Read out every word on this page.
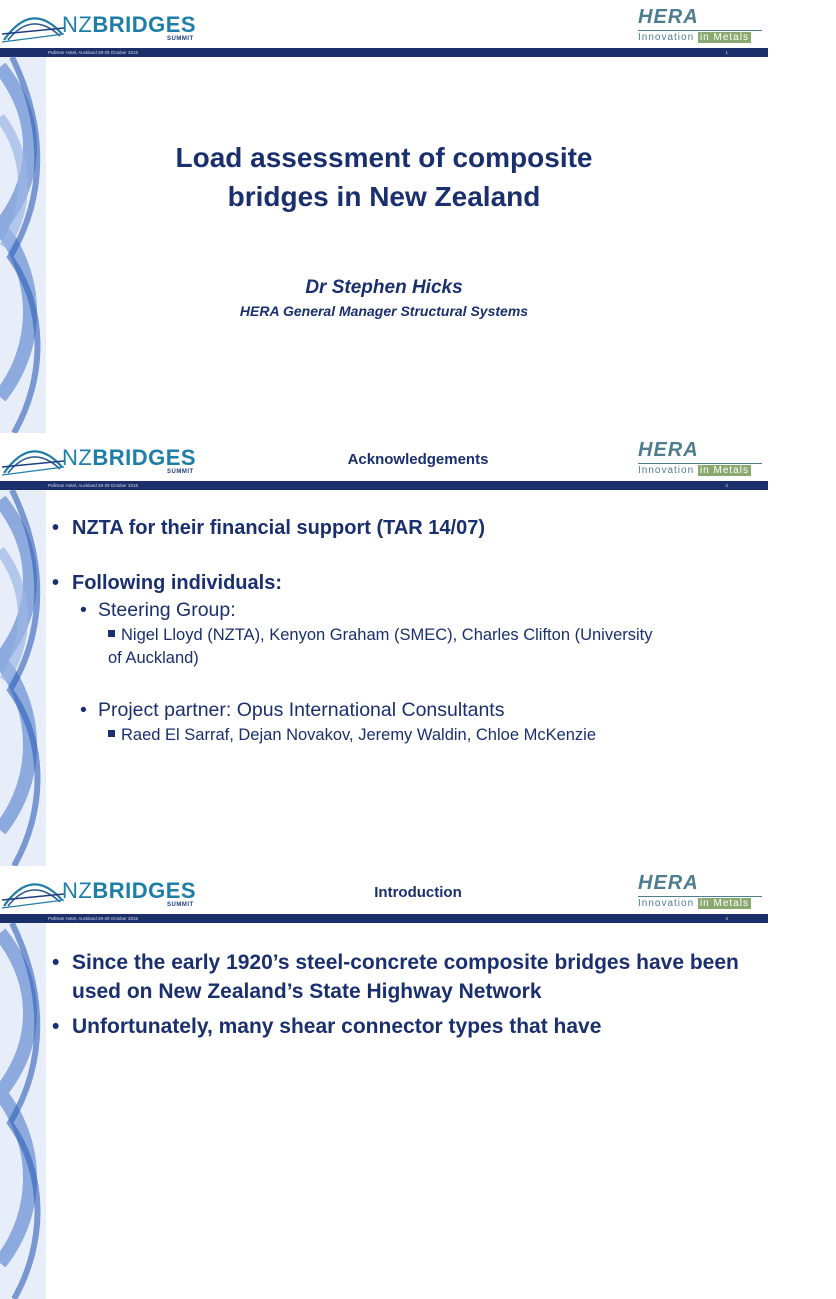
NZBRIDGES
SUMMIT
HERA
Innovation in Metals
Pullman Hotel, Auckland 28-29 October 2015	1
Load assessment of composite
bridges in New Zealand
Dr Stephen Hicks
HERA General Manager Structural Systems
NZBRIDGES
SUMMIT
Acknowledgements	HERA
Innovation in Metals
Pullman Hotel, Auckland 28-29 October 2015	2
• NZTA for their financial support (TAR 14/07)
• Following individuals:
• Steering Group:
Nigel Lloyd (NZTA), Kenyon Graham (SMEC), Charles Clifton (University of Auckland)
• Project partner: Opus International Consultants
Raed El Sarraf, Dejan Novakov, Jeremy Waldin, Chloe McKenzie
NZBRIDGES
SUMMIT
Introduction	HERA
Innovation in Metals
Pullman Hotel, Auckland 28-29 October 2015	3
• Since the early 1920’s steel-concrete composite bridges have been used on New Zealand’s State Highway Network
• Unfortunately, many shear connector types that have
